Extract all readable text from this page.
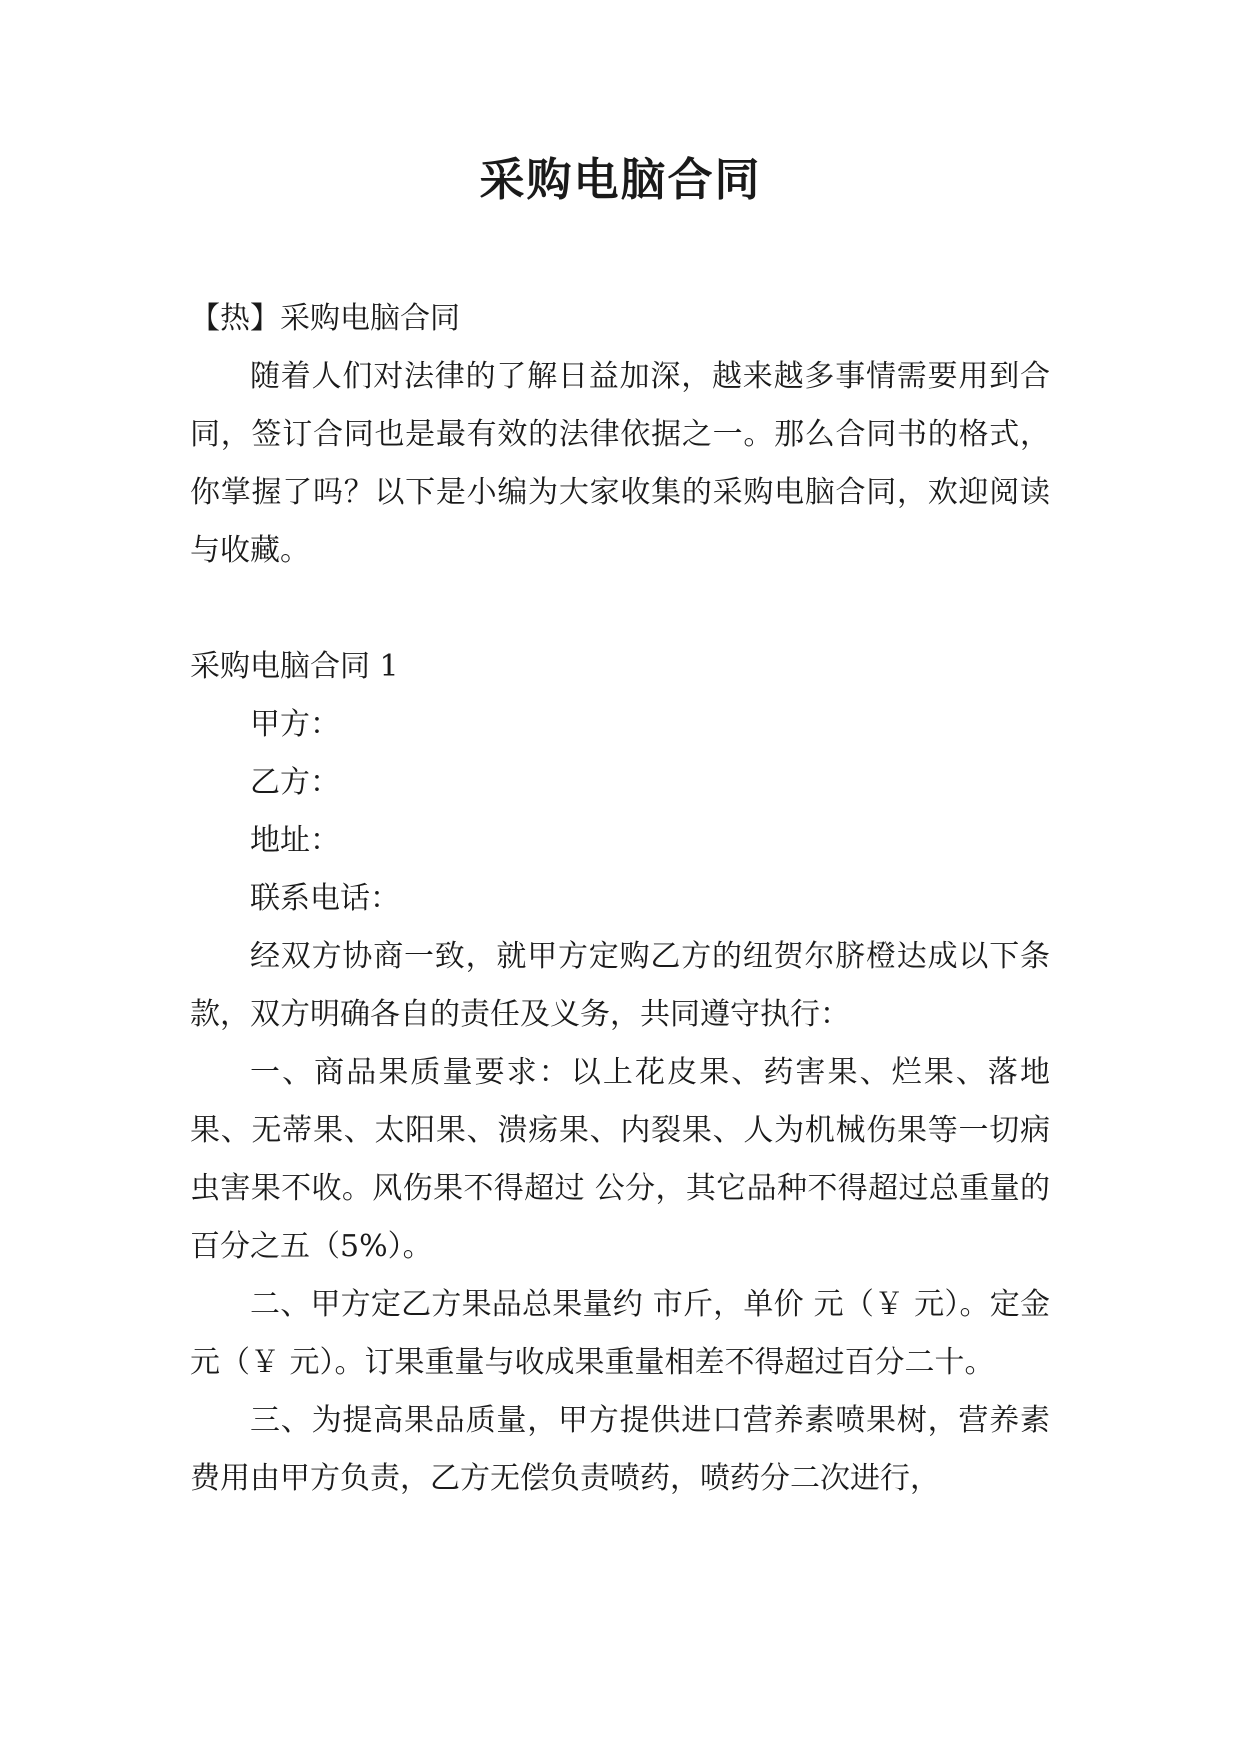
采购电脑合同

【热】采购电脑合同

随着人们对法律的了解日益加深，越来越多事情需要用到合同，签订合同也是最有效的法律依据之一。那么合同书的格式，你掌握了吗？以下是小编为大家收集的采购电脑合同，欢迎阅读与收藏。

采购电脑合同 1

甲方：

乙方：

地址：

联系电话：

经双方协商一致，就甲方定购乙方的纽贺尔脐橙达成以下条款，双方明确各自的责任及义务，共同遵守执行：

一、商品果质量要求：以上花皮果、药害果、烂果、落地果、无蒂果、太阳果、溃疡果、内裂果、人为机械伤果等一切病虫害果不收。风伤果不得超过 公分，其它品种不得超过总重量的百分之五（5%）。

二、甲方定乙方果品总果量约 市斤，单价 元（￥ 元）。定金 元（￥ 元）。订果重量与收成果重量相差不得超过百分二十。

三、为提高果品质量，甲方提供进口营养素喷果树，营养素费用由甲方负责，乙方无偿负责喷药，喷药分二次进行，
